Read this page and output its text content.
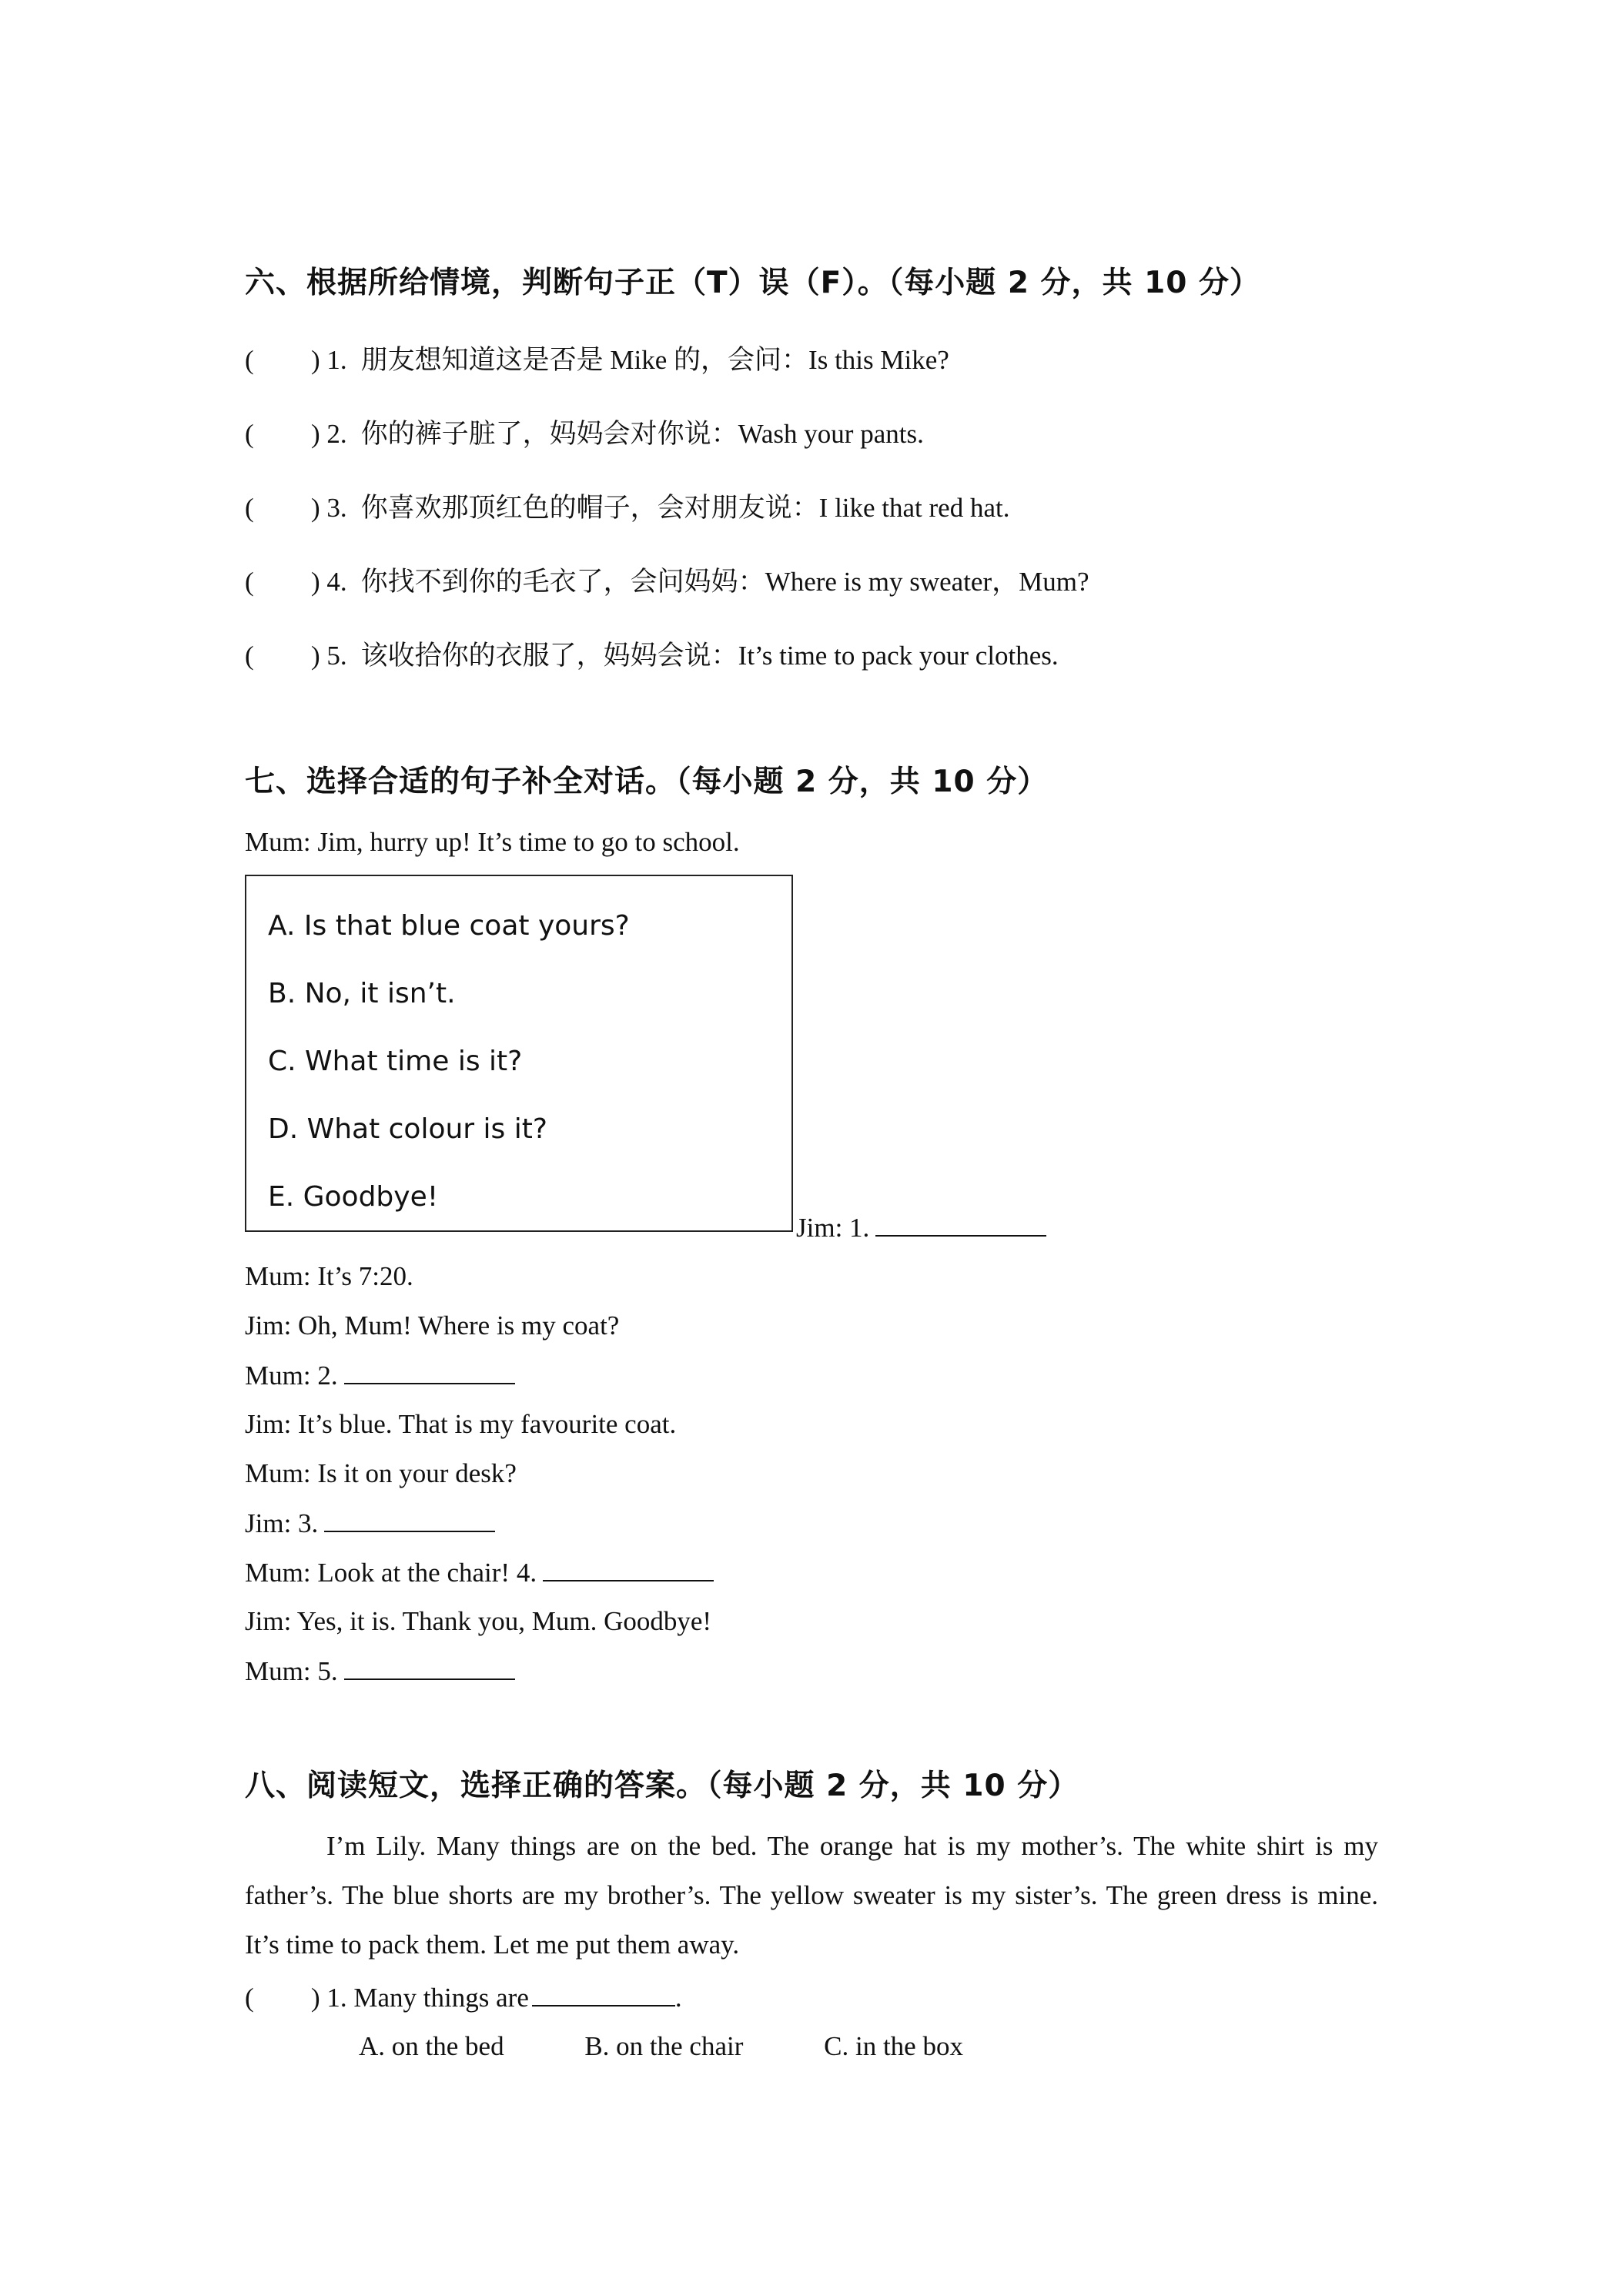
六、根据所给情境，判断句子正（T）误（F）。（每小题 2 分，共 10 分）
( ) 1. 朋友想知道这是否是 Mike 的，会问：Is this Mike?
( ) 2. 你的裤子脏了，妈妈会对你说：Wash your pants.
( ) 3. 你喜欢那顶红色的帽子，会对朋友说：I like that red hat.
( ) 4. 你找不到你的毛衣了，会问妈妈：Where is my sweater，Mum?
( ) 5. 该收拾你的衣服了，妈妈会说：It’s time to pack your clothes.
七、选择合适的句子补全对话。（每小题 2 分，共 10 分）
Mum: Jim, hurry up! It’s time to go to school.
A. Is that blue coat yours?
B. No, it isn’t.
C. What time is it?
D. What colour is it?
E. Goodbye!
Jim: 1.
Mum: It’s 7:20.
Jim: Oh, Mum! Where is my coat?
Mum: 2.
Jim: It’s blue. That is my favourite coat.
Mum: Is it on your desk?
Jim: 3.
Mum: Look at the chair! 4.
Jim: Yes, it is. Thank you, Mum. Goodbye!
Mum: 5.
八、阅读短文，选择正确的答案。（每小题 2 分，共 10 分）

I’m Lily. Many things are on the bed. The orange hat is my mother’s. The white shirt is my father’s. The blue shorts are my brother’s. The yellow sweater is my sister’s. The green dress is mine. It’s time to pack them. Let me put them away.

( ) 1. Many things are	.
A. on the bed	B. on the chair	C. in the box
